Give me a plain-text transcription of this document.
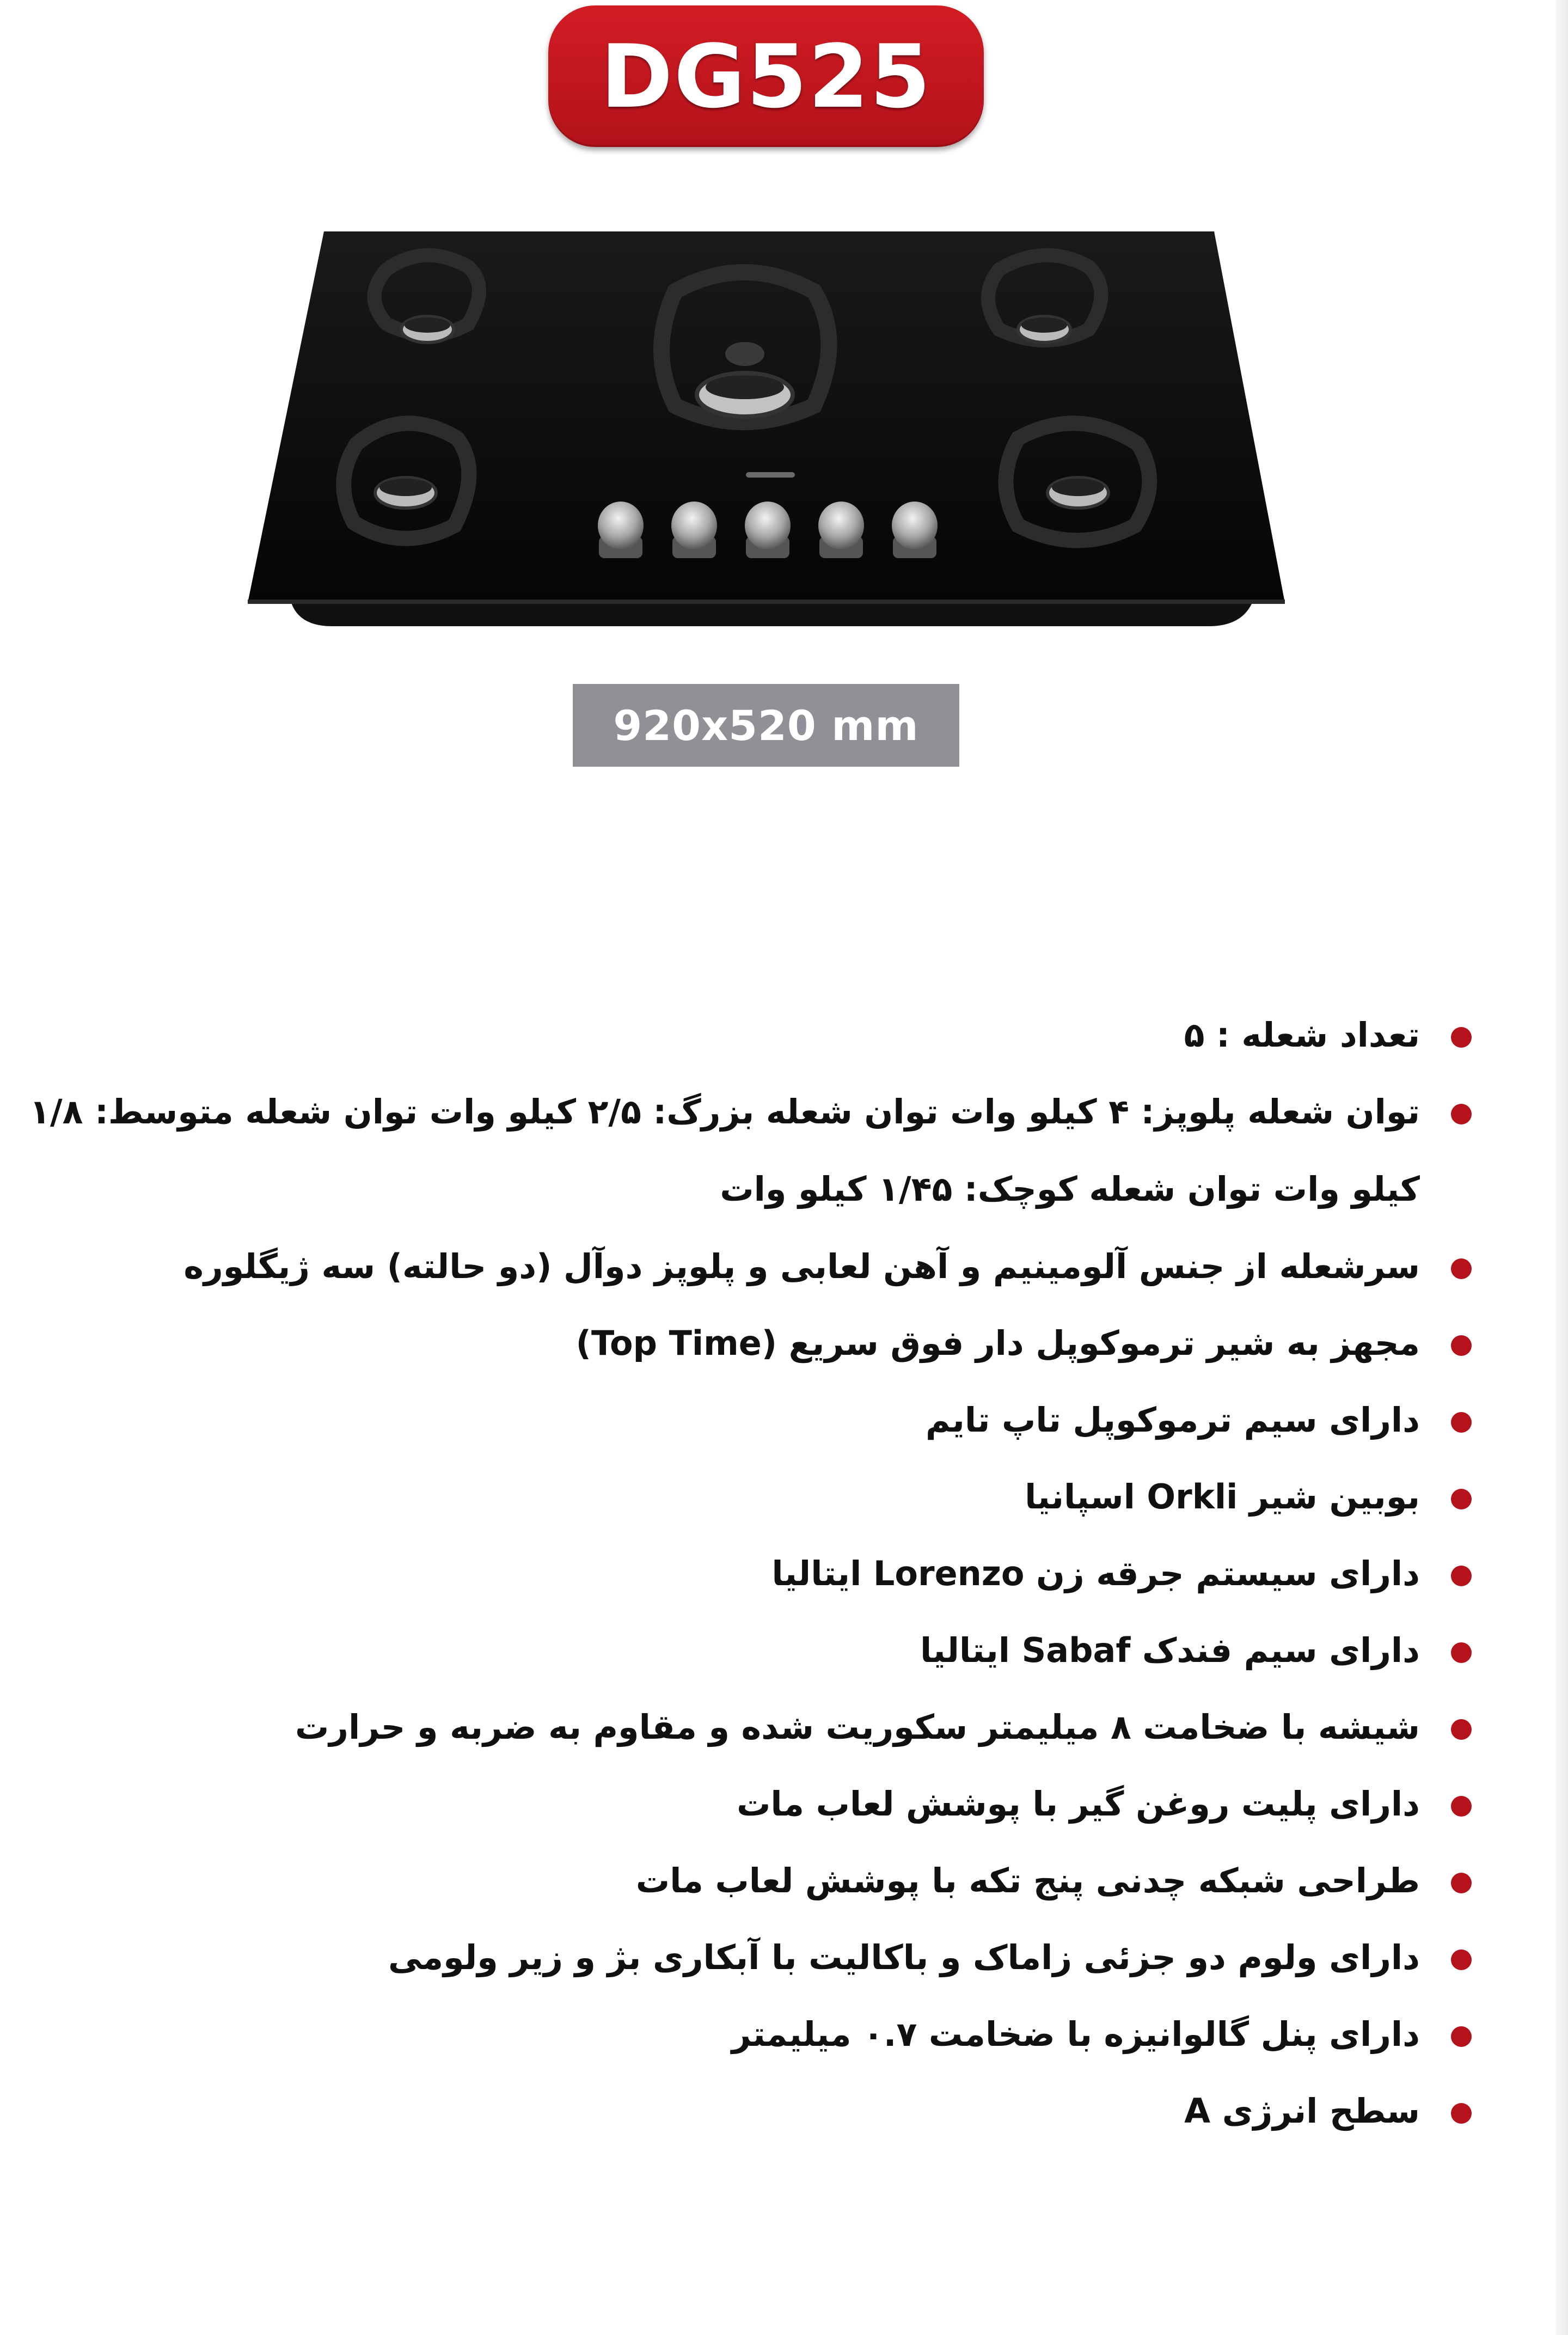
DG525
920x520 mm
تعداد شعله : ۵
توان شعله پلوپز: ۴ کیلو وات توان شعله بزرگ: ۲/۵ کیلو وات توان شعله متوسط: ۱/۸ کیلو وات توان شعله کوچک: ۱/۴۵ کیلو وات
سرشعله از جنس آلومینیم و آهن لعابی و پلوپز دوآل (دو حالته) سه ژیگلوره
مجهز به شیر ترموکوپل دار فوق سریع (Top Time)
دارای سیم ترموکوپل تاپ تایم
بوبین شیر Orkli اسپانیا
دارای سیستم جرقه زن Lorenzo ایتالیا
دارای سیم فندک Sabaf ایتالیا
شیشه با ضخامت ۸ میلیمتر سکوریت شده و مقاوم به ضربه و حرارت
دارای پلیت روغن گیر با پوشش لعاب مات
طراحی شبکه چدنی پنج تکه با پوشش لعاب مات
دارای ولوم دو جزئی زاماک و باکالیت با آبکاری بژ و زیر ولومی
دارای پنل گالوانیزه با ضخامت ۰.۷ میلیمتر
سطح انرژی A
